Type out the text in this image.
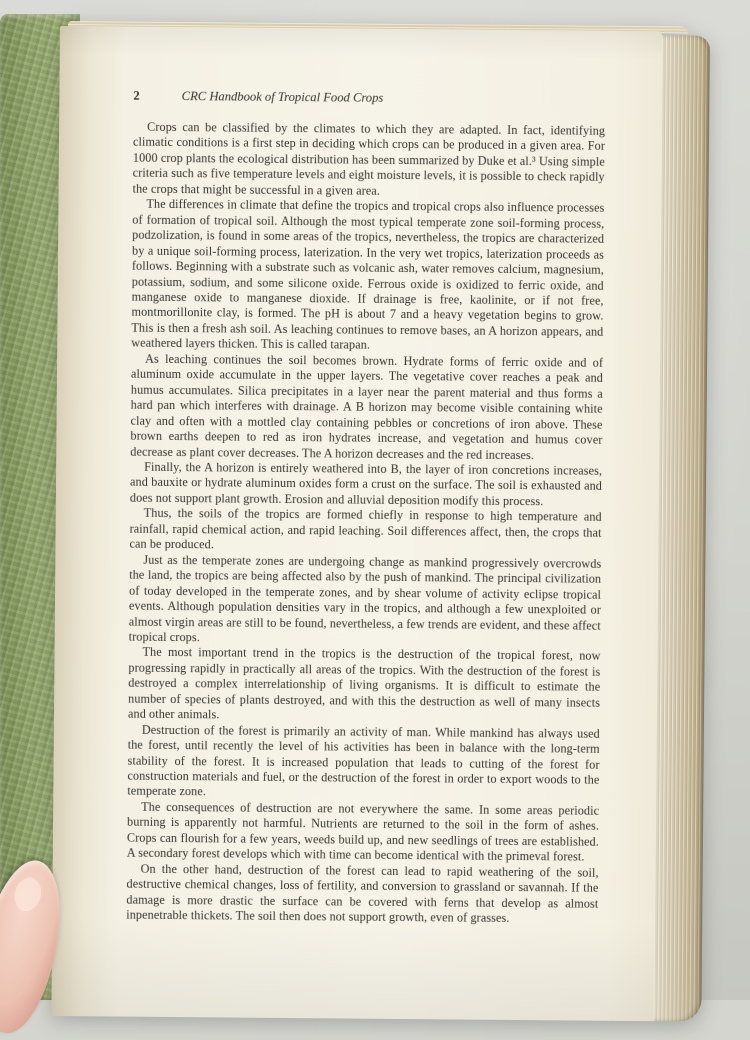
2	CRC Handbook of Tropical Food Crops

Crops can be classified by the climates to which they are adapted. In fact, identifying climatic conditions is a first step in deciding which crops can be produced in a given area. For 1000 crop plants the ecological distribution has been summarized by Duke et al.³ Using simple criteria such as five temperature levels and eight moisture levels, it is possible to check rapidly the crops that might be successful in a given area.

The differences in climate that define the tropics and tropical crops also influence processes of formation of tropical soil. Although the most typical temperate zone soil-forming process, podzolization, is found in some areas of the tropics, nevertheless, the tropics are characterized by a unique soil-forming process, laterization. In the very wet tropics, laterization proceeds as follows. Beginning with a substrate such as volcanic ash, water removes calcium, magnesium, potassium, sodium, and some silicone oxide. Ferrous oxide is oxidized to ferric oxide, and manganese oxide to manganese dioxide. If drainage is free, kaolinite, or if not free, montmorillonite clay, is formed. The pH is about 7 and a heavy vegetation begins to grow. This is then a fresh ash soil. As leaching continues to remove bases, an A horizon appears, and weathered layers thicken. This is called tarapan.

As leaching continues the soil becomes brown. Hydrate forms of ferric oxide and of aluminum oxide accumulate in the upper layers. The vegetative cover reaches a peak and humus accumulates. Silica precipitates in a layer near the parent material and thus forms a hard pan which interferes with drainage. A B horizon may become visible containing white clay and often with a mottled clay containing pebbles or concretions of iron above. These brown earths deepen to red as iron hydrates increase, and vegetation and humus cover decrease as plant cover decreases. The A horizon decreases and the red increases.

Finally, the A horizon is entirely weathered into B, the layer of iron concretions increases, and bauxite or hydrate aluminum oxides form a crust on the surface. The soil is exhausted and does not support plant growth. Erosion and alluvial deposition modify this process.

Thus, the soils of the tropics are formed chiefly in response to high temperature and rainfall, rapid chemical action, and rapid leaching. Soil differences affect, then, the crops that can be produced.

Just as the temperate zones are undergoing change as mankind progressively overcrowds the land, the tropics are being affected also by the push of mankind. The principal civilization of today developed in the temperate zones, and by shear volume of activity eclipse tropical events. Although population densities vary in the tropics, and although a few unexploited or almost virgin areas are still to be found, nevertheless, a few trends are evident, and these affect tropical crops.

The most important trend in the tropics is the destruction of the tropical forest, now progressing rapidly in practically all areas of the tropics. With the destruction of the forest is destroyed a complex interrelationship of living organisms. It is difficult to estimate the number of species of plants destroyed, and with this the destruction as well of many insects and other animals.

Destruction of the forest is primarily an activity of man. While mankind has always used the forest, until recently the level of his activities has been in balance with the long-term stability of the forest. It is increased population that leads to cutting of the forest for construction materials and fuel, or the destruction of the forest in order to export woods to the temperate zone.

The consequences of destruction are not everywhere the same. In some areas periodic burning is apparently not harmful. Nutrients are returned to the soil in the form of ashes. Crops can flourish for a few years, weeds build up, and new seedlings of trees are established. A secondary forest develops which with time can become identical with the primeval forest.

On the other hand, destruction of the forest can lead to rapid weathering of the soil, destructive chemical changes, loss of fertility, and conversion to grassland or savannah. If the damage is more drastic the surface can be covered with ferns that develop as almost inpenetrable thickets. The soil then does not support growth, even of grasses.
